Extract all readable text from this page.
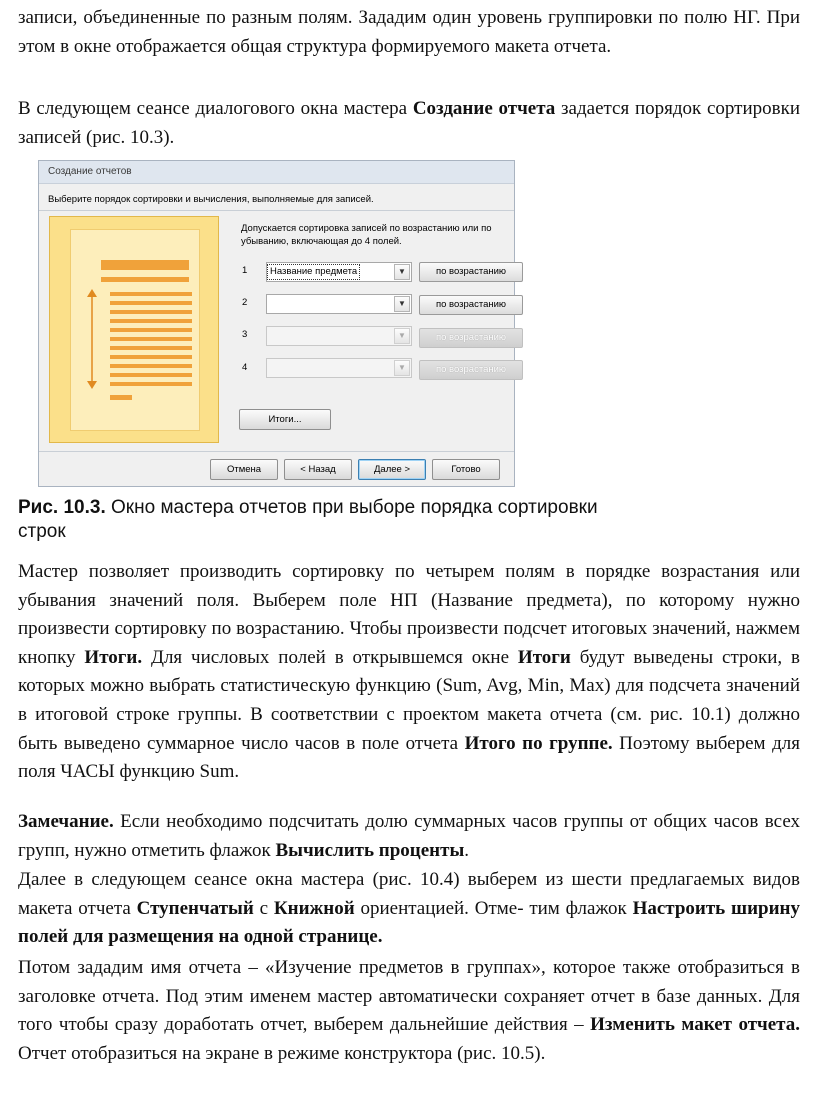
записи, объединенные по разным полям. Зададим один уровень группировки по полю НГ. При этом в окне отображается общая структура формируемого макета отчета.

В следующем сеансе диалогового окна мастера Создание отчета задается порядок сортировки записей (рис. 10.3).

Создание отчетов
Выберите порядок сортировки и вычисления, выполняемые для записей.
Допускается сортировка записей по возрастанию или по убыванию, включающая до 4 полей.
1	Название предмета	▼	по возрастанию
2	▼	по возрастанию
3	▼	по возрастанию
4	▼	по возрастанию
Итоги...
Отмена	< Назад	Далее >	Готово
Рис. 10.3. Окно мастера отчетов при выборе порядка сортировки строк

Мастер позволяет производить сортировку по четырем полям в порядке возрастания или убывания значений поля. Выберем поле НП (Название предмета), по которому нужно произвести сортировку по возрастанию. Чтобы произвести подсчет итоговых значений, нажмем кнопку Итоги. Для числовых полей в открывшемся окне Итоги будут выведены строки, в которых можно выбрать статистическую функцию (Sum, Avg, Min, Max) для подсчета значений в итоговой строке группы. В соответствии с проектом макета отчета (см. рис. 10.1) должно быть выведено суммарное число часов в поле отчета Итого по группе. Поэтому выберем для поля ЧАСЫ функцию Sum.

Замечание. Если необходимо подсчитать долю суммарных часов группы от общих часов всех групп, нужно отметить флажок Вычислить проценты.

Далее в следующем сеансе окна мастера (рис. 10.4) выберем из шести предлагаемых видов макета отчета Ступенчатый с Книжной ориентацией. Отме- тим флажок Настроить ширину полей для размещения на одной странице.

Потом зададим имя отчета – «Изучение предметов в группах», которое также отобразиться в заголовке отчета. Под этим именем мастер автоматически сохраняет отчет в базе данных. Для того чтобы сразу доработать отчет, выберем дальнейшие действия – Изменить макет отчета. Отчет отобразиться на экране в режиме конструктора (рис. 10.5).
